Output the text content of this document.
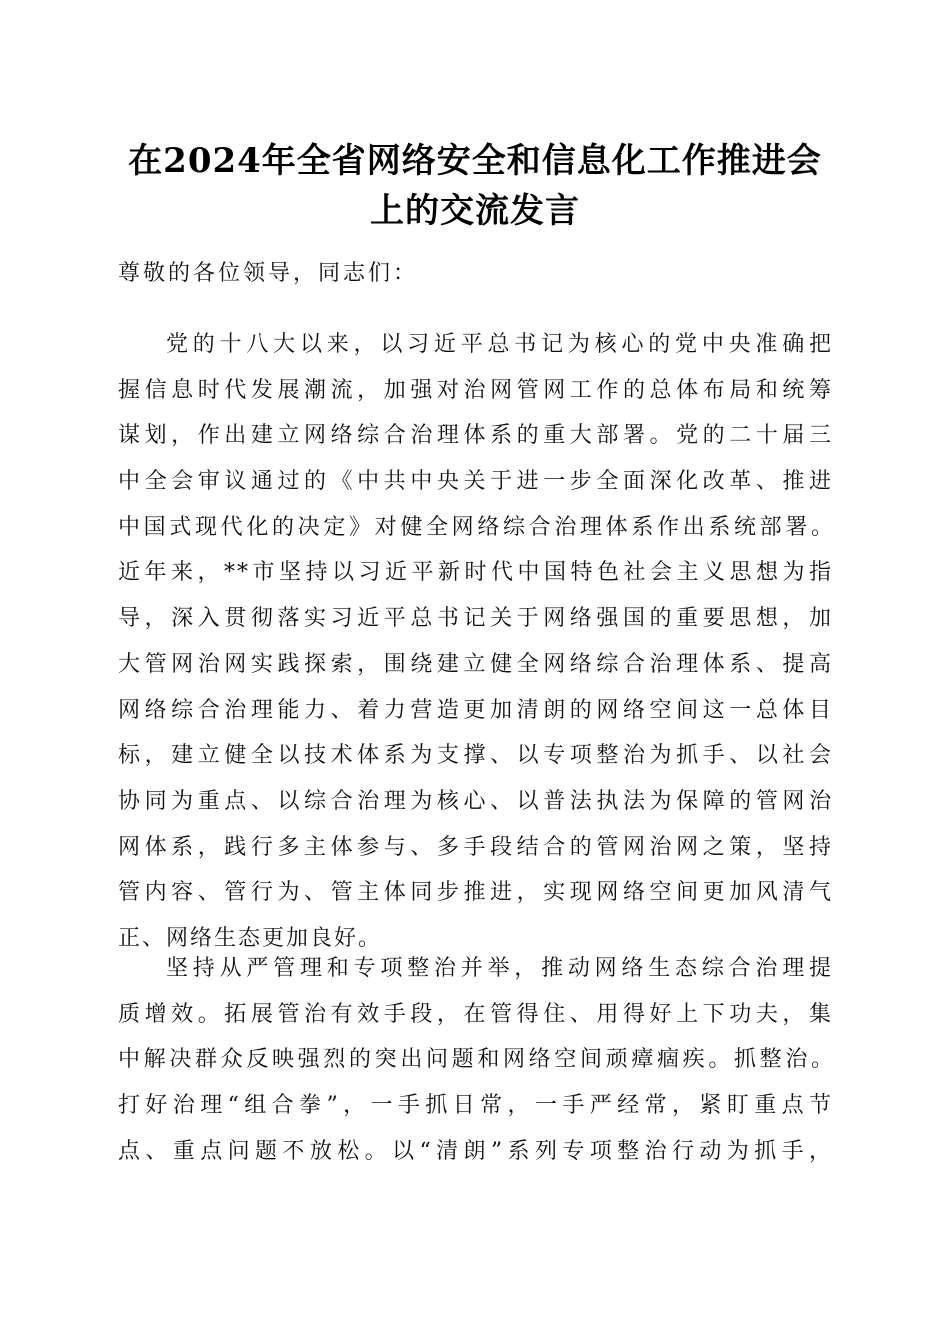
在2024年全省网络安全和信息化工作推进会
上的交流发言
尊敬的各位领导，同志们：
党的十八大以来，以习近平总书记为核心的党中央准确把
握信息时代发展潮流，加强对治网管网工作的总体布局和统筹
谋划，作出建立网络综合治理体系的重大部署。党的二十届三
中全会审议通过的《中共中央关于进一步全面深化改革、推进
中国式现代化的决定》对健全网络综合治理体系作出系统部署。
近年来，**市坚持以习近平新时代中国特色社会主义思想为指
导，深入贯彻落实习近平总书记关于网络强国的重要思想，加
大管网治网实践探索，围绕建立健全网络综合治理体系、提高
网络综合治理能力、着力营造更加清朗的网络空间这一总体目
标，建立健全以技术体系为支撑、以专项整治为抓手、以社会
协同为重点、以综合治理为核心、以普法执法为保障的管网治
网体系，践行多主体参与、多手段结合的管网治网之策，坚持
管内容、管行为、管主体同步推进，实现网络空间更加风清气
正、网络生态更加良好。
坚持从严管理和专项整治并举，推动网络生态综合治理提
质增效。拓展管治有效手段，在管得住、用得好上下功夫，集
中解决群众反映强烈的突出问题和网络空间顽瘴痼疾。抓整治。
打好治理“组合拳”，一手抓日常，一手严经常，紧盯重点节
点、重点问题不放松。以“清朗”系列专项整治行动为抓手，
